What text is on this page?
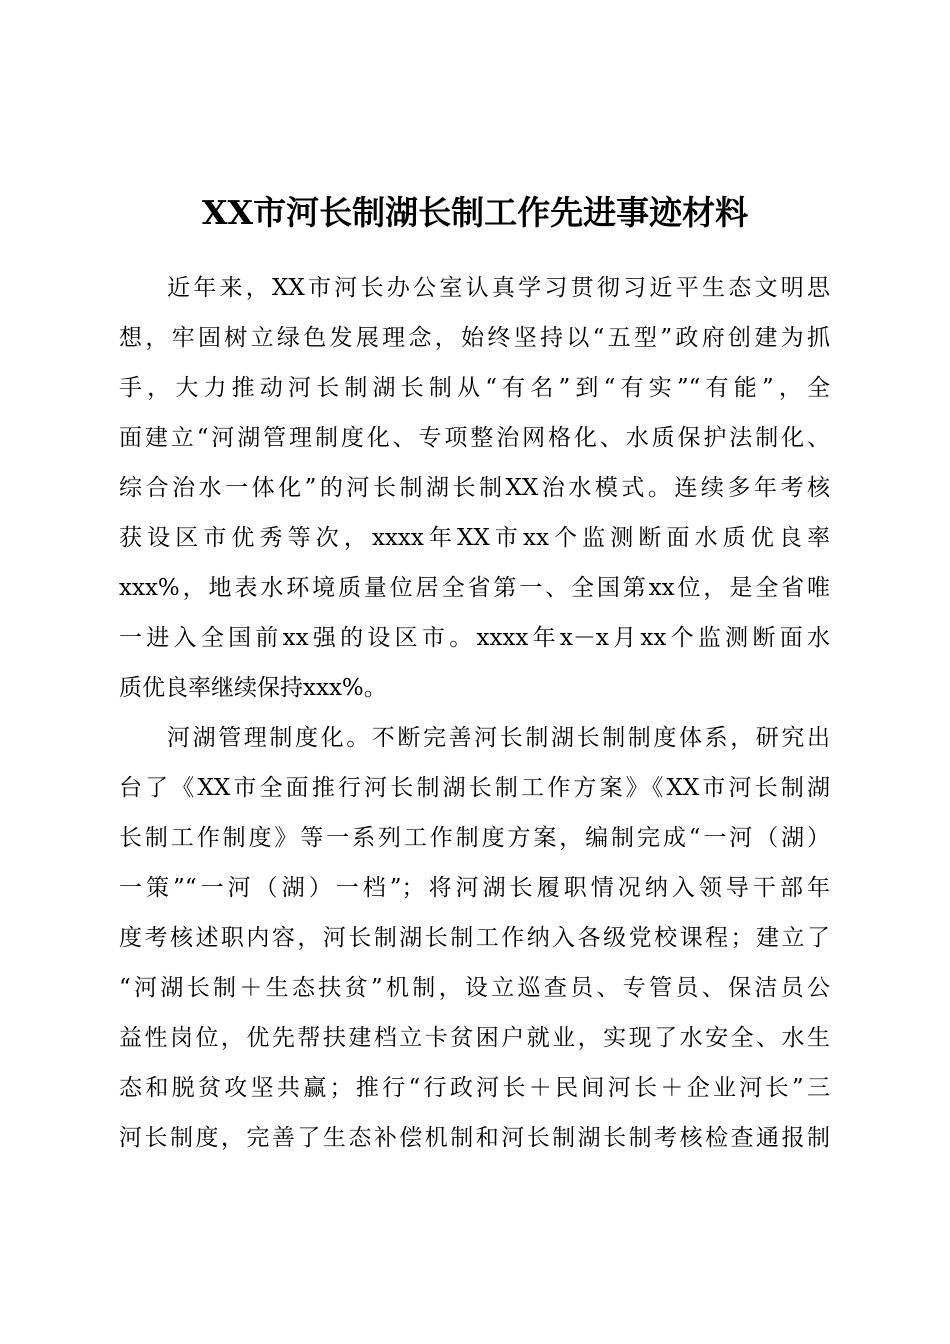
XX市河长制湖长制工作先进事迹材料
近年来，XX市河长办公室认真学习贯彻习近平生态文明思
想，牢固树立绿色发展理念，始终坚持以“五型”政府创建为抓
手，大力推动河长制湖长制从“有名”到“有实”“有能”，全
面建立“河湖管理制度化、专项整治网格化、水质保护法制化、
综合治水一体化”的河长制湖长制XX治水模式。连续多年考核
获设区市优秀等次，xxxx年XX市xx个监测断面水质优良率
xxx%，地表水环境质量位居全省第一、全国第xx位，是全省唯
一进入全国前xx强的设区市。xxxx年x－x月xx个监测断面水
质优良率继续保持xxx%。
河湖管理制度化。不断完善河长制湖长制制度体系，研究出
台了《XX市全面推行河长制湖长制工作方案》《XX市河长制湖
长制工作制度》等一系列工作制度方案，编制完成“一河（湖）
一策”“一河（湖）一档”；将河湖长履职情况纳入领导干部年
度考核述职内容，河长制湖长制工作纳入各级党校课程；建立了
“河湖长制＋生态扶贫”机制，设立巡查员、专管员、保洁员公
益性岗位，优先帮扶建档立卡贫困户就业，实现了水安全、水生
态和脱贫攻坚共赢；推行“行政河长＋民间河长＋企业河长”三
河长制度，完善了生态补偿机制和河长制湖长制考核检查通报制
